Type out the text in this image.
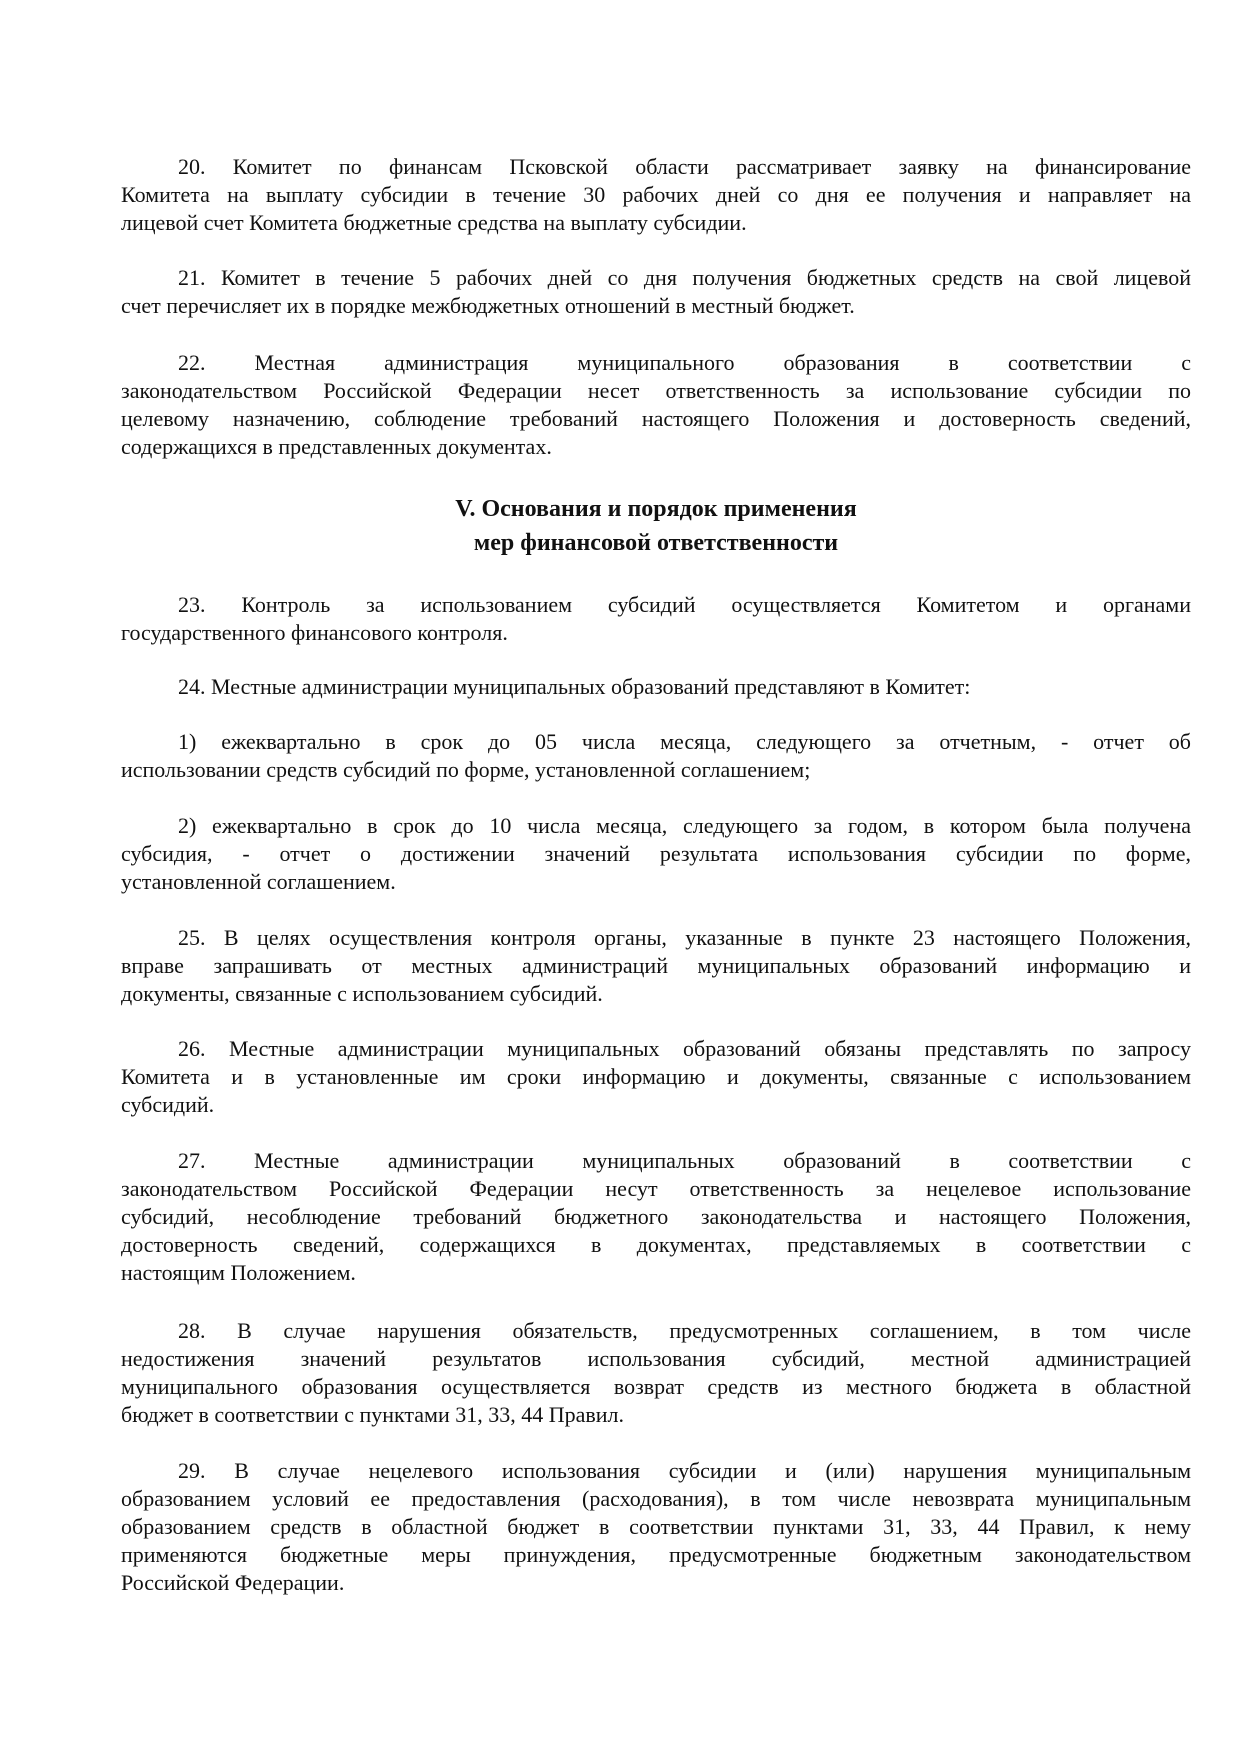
V. Основания и порядок применения
мер финансовой ответственности
20. Комитет по финансам Псковской области рассматривает заявку на финансирование
Комитета на выплату субсидии в течение 30 рабочих дней со дня ее получения и направляет на
лицевой счет Комитета бюджетные средства на выплату субсидии.
21. Комитет в течение 5 рабочих дней со дня получения бюджетных средств на свой лицевой
счет перечисляет их в порядке межбюджетных отношений в местный бюджет.
22. Местная администрация муниципального образования в соответствии с
законодательством Российской Федерации несет ответственность за использование субсидии по
целевому назначению, соблюдение требований настоящего Положения и достоверность сведений,
содержащихся в представленных документах.
23. Контроль за использованием субсидий осуществляется Комитетом и органами
государственного финансового контроля.
24. Местные администрации муниципальных образований представляют в Комитет:
1) ежеквартально в срок до 05 числа месяца, следующего за отчетным, - отчет об
использовании средств субсидий по форме, установленной соглашением;
2) ежеквартально в срок до 10 числа месяца, следующего за годом, в котором была получена
субсидия, - отчет о достижении значений результата использования субсидии по форме,
установленной соглашением.
25. В целях осуществления контроля органы, указанные в пункте 23 настоящего Положения,
вправе запрашивать от местных администраций муниципальных образований информацию и
документы, связанные с использованием субсидий.
26. Местные администрации муниципальных образований обязаны представлять по запросу
Комитета и в установленные им сроки информацию и документы, связанные с использованием
субсидий.
27. Местные администрации муниципальных образований в соответствии с
законодательством Российской Федерации несут ответственность за нецелевое использование
субсидий, несоблюдение требований бюджетного законодательства и настоящего Положения,
достоверность сведений, содержащихся в документах, представляемых в соответствии с
настоящим Положением.
28. В случае нарушения обязательств, предусмотренных соглашением, в том числе
недостижения значений результатов использования субсидий, местной администрацией
муниципального образования осуществляется возврат средств из местного бюджета в областной
бюджет в соответствии с пунктами 31, 33, 44 Правил.
29. В случае нецелевого использования субсидии и (или) нарушения муниципальным
образованием условий ее предоставления (расходования), в том числе невозврата муниципальным
образованием средств в областной бюджет в соответствии пунктами 31, 33, 44 Правил, к нему
применяются бюджетные меры принуждения, предусмотренные бюджетным законодательством
Российской Федерации.
